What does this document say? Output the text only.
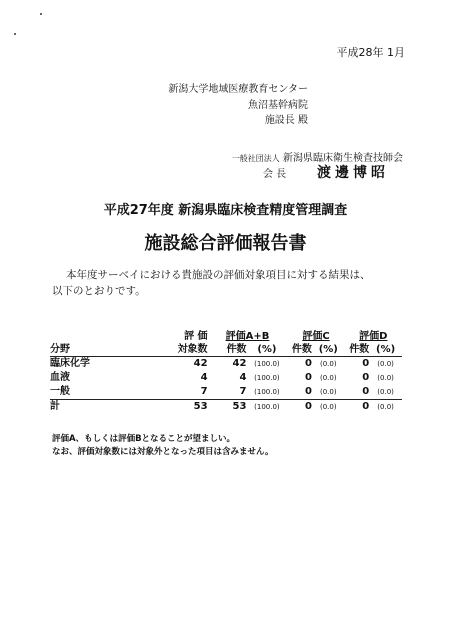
平成28年 1月
新潟大学地域医療教育センター
魚沼基幹病院
施設長 殿
一般社団法人 新潟県臨床衛生検査技師会
会 長 渡邊博昭
平成27年度 新潟県臨床検査精度管理調査
施設総合評価報告書
本年度サーベイにおける貴施設の評価対象項目に対する結果は、
以下のとおりです。
	評 価	評価A+B		評価C		評価D	
分野	対象数	件数	(%)	件数	(%)	件数	(%)
臨床化学	42	42	(100.0)	0	(0.0)	0	(0.0)
血液	4	4	(100.0)	0	(0.0)	0	(0.0)
一般	7	7	(100.0)	0	(0.0)	0	(0.0)
計	53	53	(100.0)	0	(0.0)	0	(0.0)
評価A、もしくは評価Bとなることが望ましい。
なお、評価対象数には対象外となった項目は含みません。
